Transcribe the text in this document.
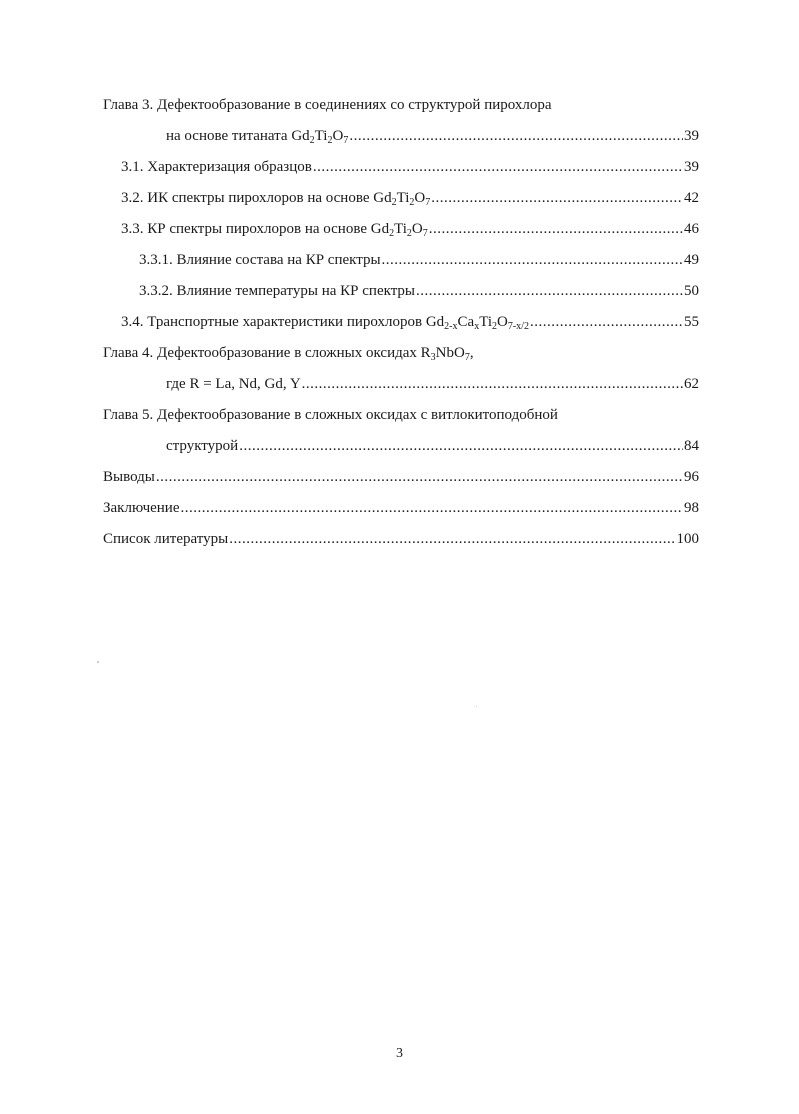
Глава 3. Дефектообразование в соединениях со структурой пирохлора
на основе титаната $Gd_2Ti_2O_7$ .....	39
3.1. Характеризация образцов .....	39
3.2. ИК спектры пирохлоров на основе $Gd_2Ti_2O_7$ .....	42
3.3. КР спектры пирохлоров на основе $Gd_2Ti_2O_7$ .....	46
3.3.1. Влияние состава на КР спектры .....	49
3.3.2. Влияние температуры на КР спектры .....	50
3.4. Транспортные характеристики пирохлоров $Gd_{2-x}Ca_xTi_2O_{7-x/2}$ .....	55
Глава 4. Дефектообразование в сложных оксидах $R_3NbO_7$,
где R = La, Nd, Gd, Y .....	62
Глава 5. Дефектообразование в сложных оксидах с витлокитоподобной
структурой .....	84
Выводы .....	96
Заключение .....	98
Список литературы .....	100
3
